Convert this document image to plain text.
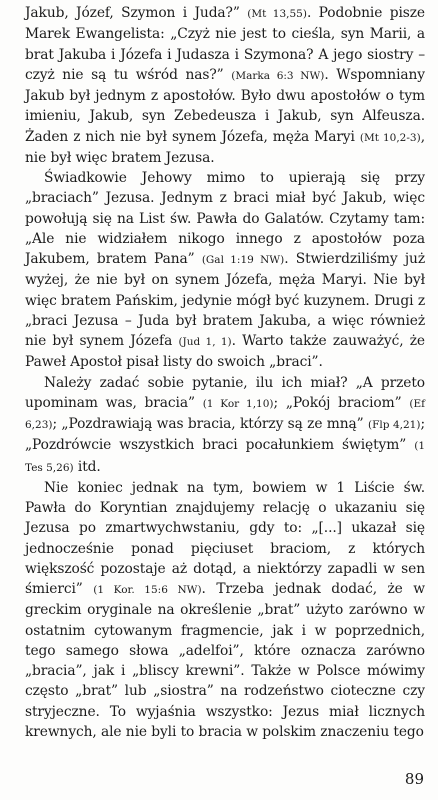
Jakub, Józef, Szymon i Juda?” (Mt 13,55). Podobnie pisze Marek Ewangelista: „Czyż nie jest to cieśla, syn Marii, a brat Jakuba i Józefa i Judasza i Szymona? A jego siostry – czyż nie są tu wśród nas?” (Marka 6:3 NW). Wspomniany Jakub był jednym z apostołów. Było dwu apostołów o tym imieniu, Jakub, syn Zebedeusza i Jakub, syn Alfeusza. Żaden z nich nie był synem Józefa, męża Maryi (Mt 10,2-3), nie był więc bratem Jezusa.

Świadkowie Jehowy mimo to upierają się przy „braciach” Jezusa. Jednym z braci miał być Jakub, więc powołują się na List św. Pawła do Galatów. Czytamy tam: „Ale nie widziałem nikogo innego z apostołów poza Jakubem, bratem Pana” (Gal 1:19 NW). Stwierdziliśmy już wyżej, że nie był on synem Józefa, męża Maryi. Nie był więc bratem Pańskim, jedynie mógł być kuzynem. Drugi z „braci Jezusa – Juda był bratem Jakuba, a więc również nie był synem Józefa (Jud 1, 1). Warto także zauważyć, że Paweł Apostoł pisał listy do swoich „braci”.

Należy zadać sobie pytanie, ilu ich miał? „A przeto upominam was, bracia” (1 Kor 1,10); „Pokój braciom” (Ef 6,23); „Pozdrawiają was bracia, którzy są ze mną” (Flp 4,21); „Pozdrówcie wszystkich braci pocałunkiem świętym” (1 Tes 5,26) itd.

Nie koniec jednak na tym, bowiem w 1 Liście św. Pawła do Koryntian znajdujemy relację o ukazaniu się Jezusa po zmartwychwstaniu, gdy to: „[...] ukazał się jednocześnie ponad pięciuset braciom, z których większość pozostaje aż dotąd, a niektórzy zapadli w sen śmierci” (1 Kor. 15:6 NW). Trzeba jednak dodać, że w greckim oryginale na określenie „brat” użyto zarówno w ostatnim cytowanym fragmencie, jak i w poprzednich, tego samego słowa „adelfoi”, które oznacza zarówno „bracia”, jak i „bliscy krewni”. Także w Polsce mówimy często „brat” lub „siostra” na rodzeństwo cioteczne czy stryjeczne. To wyjaśnia wszystko: Jezus miał licznych krewnych, ale nie byli to bracia w polskim znaczeniu tego

89
